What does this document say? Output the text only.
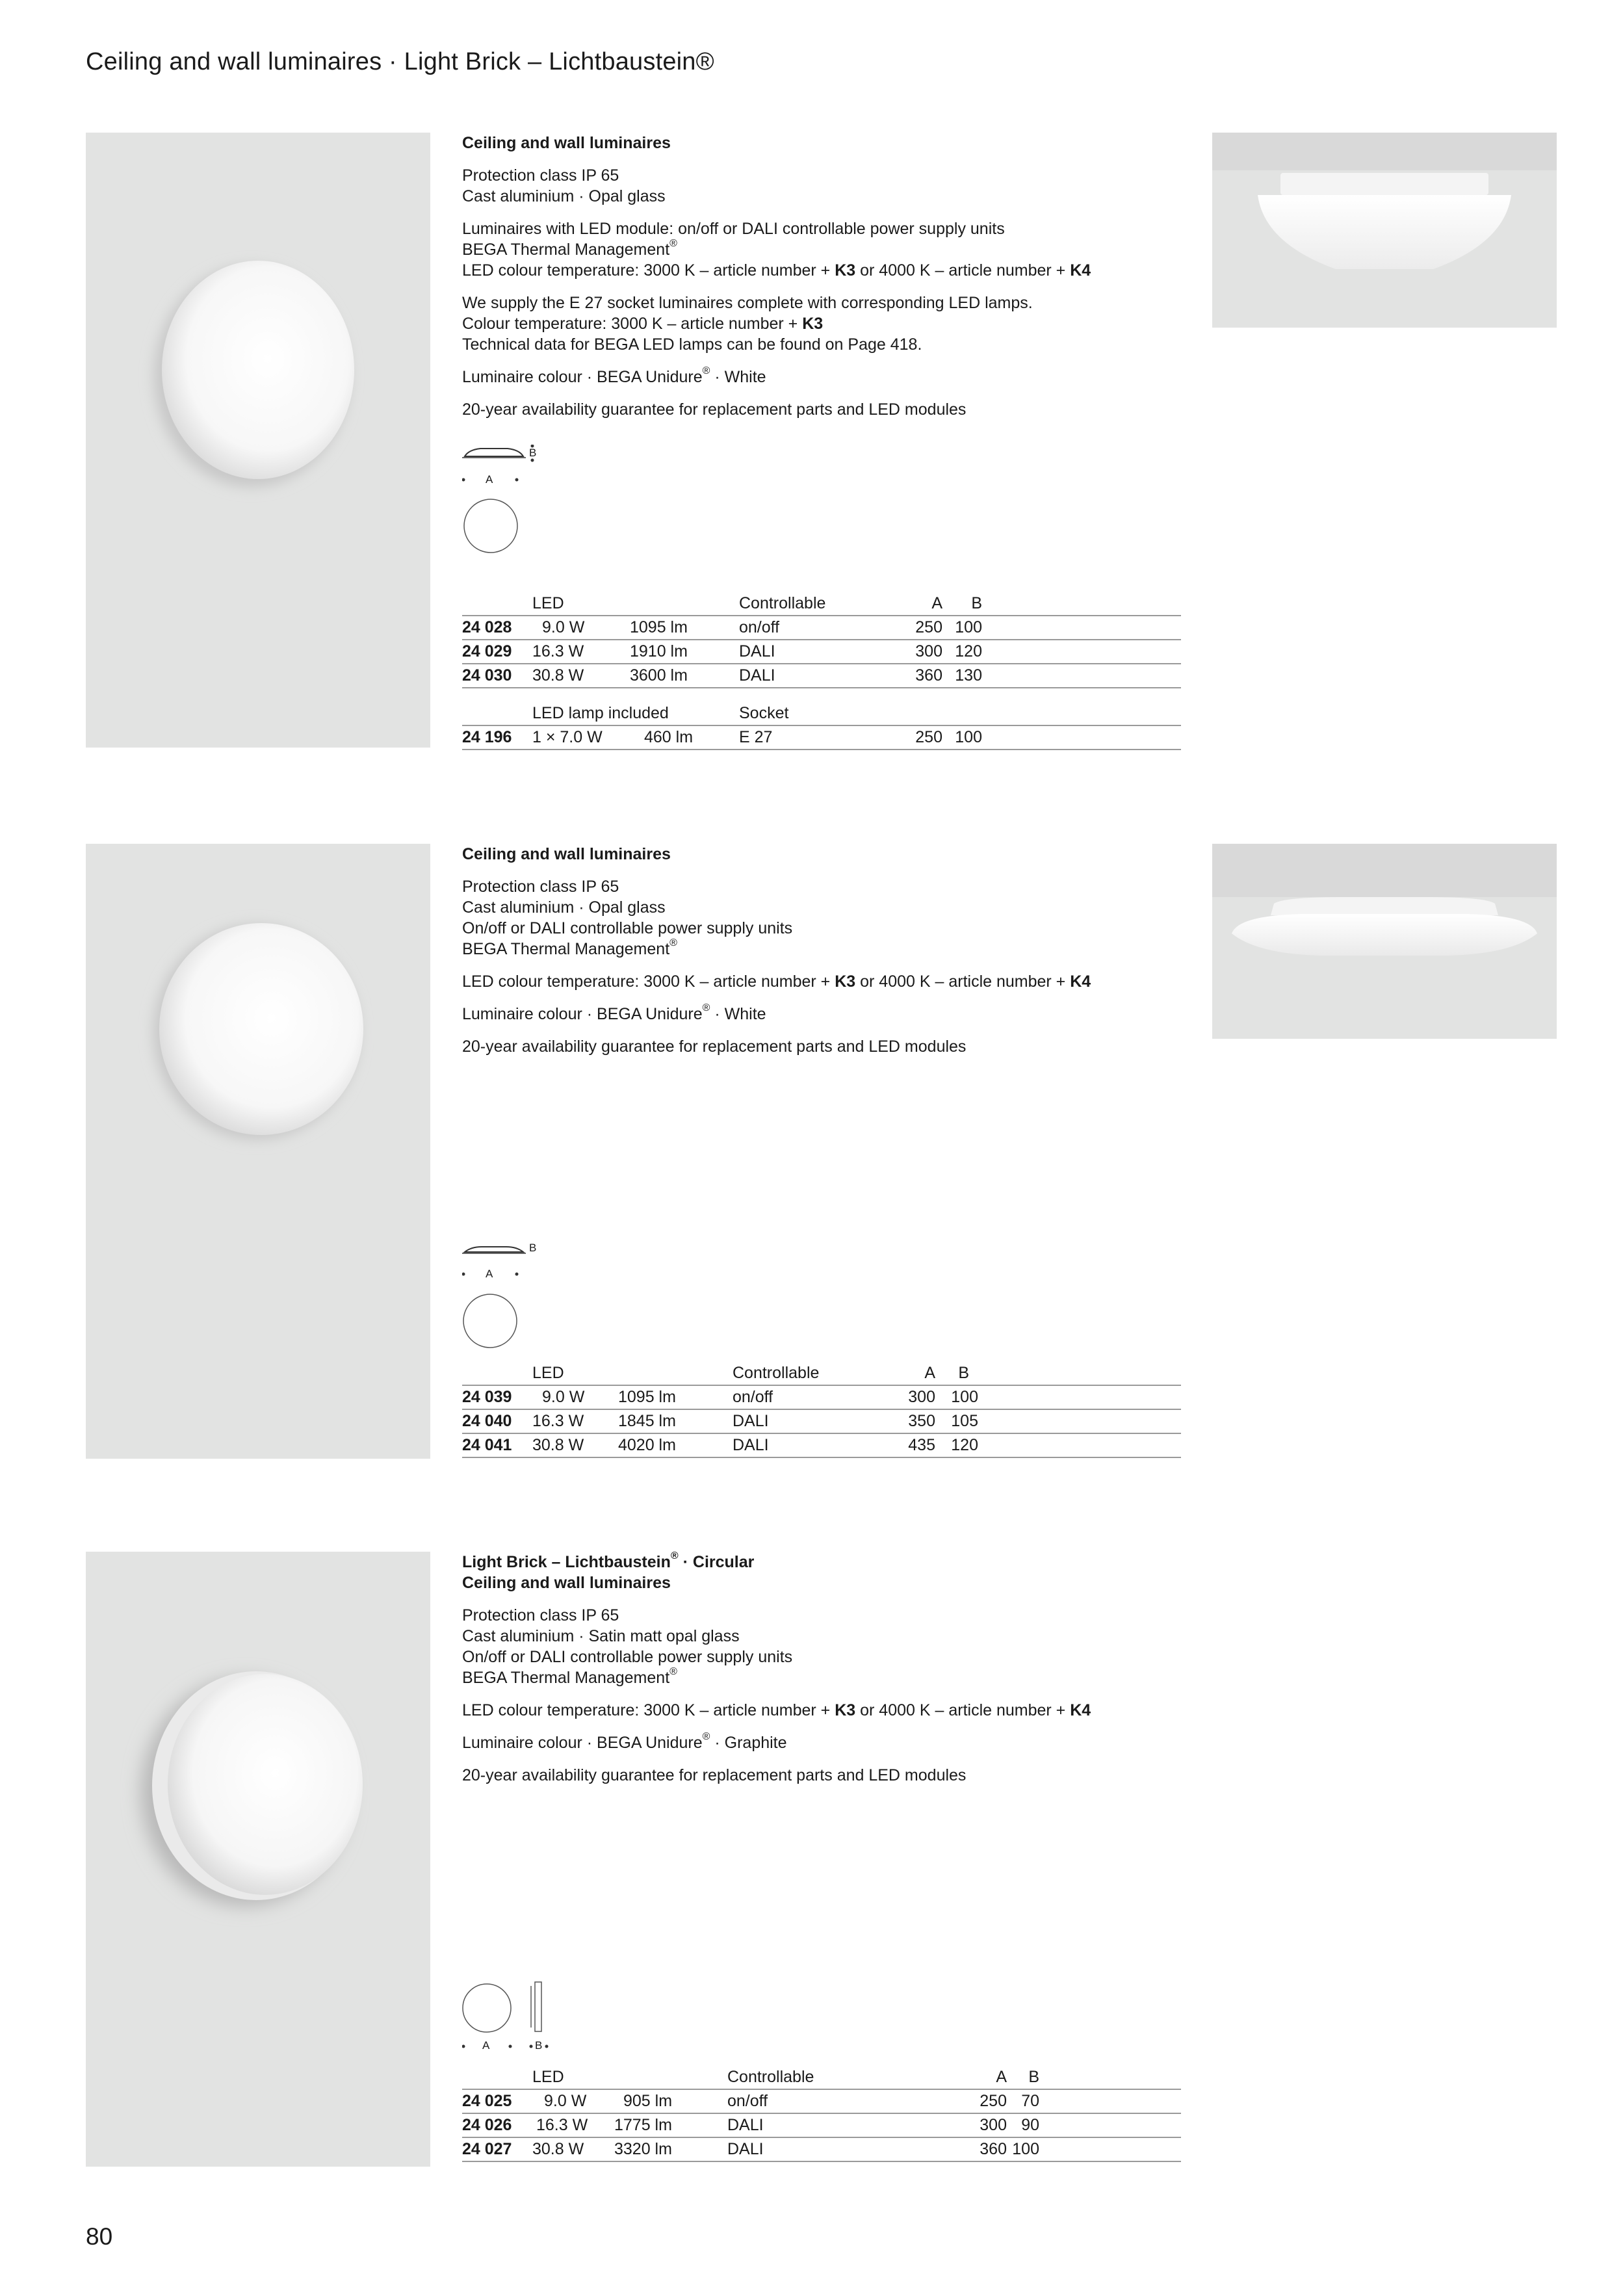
Ceiling and wall luminaires · Light Brick – Lichtbaustein®

Ceiling and wall luminaires

Protection class IP 65
Cast aluminium · Opal glass

Luminaires with LED module: on/off or DALI controllable power supply units
BEGA Thermal Management®
LED colour temperature: 3000 K – article number + K3 or 4000 K – article number + K4

We supply the E 27 socket luminaires complete with corresponding LED lamps.
Colour temperature: 3000 K – article number + K3
Technical data for BEGA LED lamps can be found on Page 418.

Luminaire colour · BEGA Unidure® · White

20-year availability guarantee for replacement parts and LED modules

B
A
	LED		Controllable	A	B	
24 028	9.0 W	1095 lm	on/off	250	100	
24 029	16.3 W	1910 lm	DALI	300	120	
24 030	30.8 W	3600 lm	DALI	360	130	

	LED lamp included		Socket			
24 196	1 × 7.0 W	460 lm	E 27	250	100	

Ceiling and wall luminaires

Protection class IP 65
Cast aluminium · Opal glass
On/off or DALI controllable power supply units
BEGA Thermal Management®

LED colour temperature: 3000 K – article number + K3 or 4000 K – article number + K4

Luminaire colour · BEGA Unidure® · White

20-year availability guarantee for replacement parts and LED modules

B
A
	LED		Controllable	A	B	
24 039	9.0 W	1095 lm	on/off	300	100	
24 040	16.3 W	1845 lm	DALI	350	105	
24 041	30.8 W	4020 lm	DALI	435	120	

Light Brick – Lichtbaustein® · Circular
Ceiling and wall luminaires

Protection class IP 65
Cast aluminium · Satin matt opal glass
On/off or DALI controllable power supply units
BEGA Thermal Management®

LED colour temperature: 3000 K – article number + K3 or 4000 K – article number + K4

Luminaire colour · BEGA Unidure® · Graphite

20-year availability guarantee for replacement parts and LED modules

A	B
	LED		Controllable	A	B	
24 025	9.0 W	905 lm	on/off	250	70	
24 026	16.3 W	1775 lm	DALI	300	90	
24 027	30.8 W	3320 lm	DALI	360	100	
80
